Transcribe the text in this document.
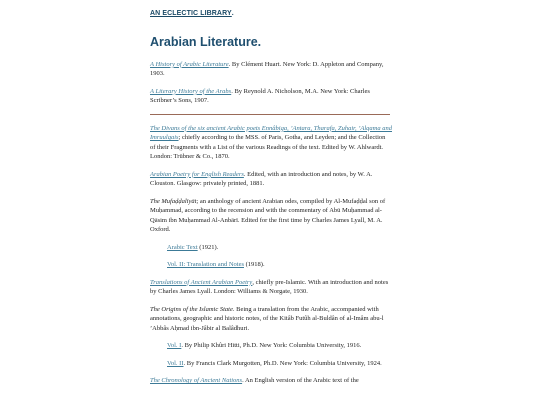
AN ECLECTIC LIBRARY.
Arabian Literature.

A History of Arabic Literature. By Clément Huart. New York: D. Appleton and Company, 1903.

A Literary History of the Arabs. By Reynold A. Nicholson, M.A. New York: Charles Scribner’s Sons, 1907.

The Divans of the six ancient Arabic poets Ennâbiga, ’Antara, Tharafa, Zuhair, ’Alqama and Imruulqais; chiefly according to the MSS. of Paris, Gotha, and Leyden; and the Collection of their Fragments with a List of the various Readings of the text. Edited by W. Ahlwardt. London: Trübner & Co., 1870.

Arabian Poetry for English Readers. Edited, with an introduction and notes, by W. A. Clouston. Glasgow: privately printed, 1881.

The Mufaḍḍalīyāt; an anthology of ancient Arabian odes, compiled by Al-Mufaḍḍal son of Muḥammad, according to the recension and with the commentary of Abū Muḥammad al-Qāsim ibn Muḥammad Al-Anbārī. Edited for the first time by Charles James Lyall, M. A. Oxford.

Arabic Text (1921).

Vol. II: Translation and Notes (1918).

Translations of Ancient Arabian Poetry, chiefly pre-Islamic. With an introduction and notes by Charles James Lyall. London: Williams & Norgate, 1930.

The Origins of the Islamic State. Being a translation from the Arabic, accompanied with annotations, geographic and historic notes, of the Kitâb Futûh al-Buldân of al-Imâm abu-l ’Abbâs Aḥmad ibn-Jâbir al Balâdhuri.

Vol. I. By Philip Khûri Hitti, Ph.D. New York: Columbia University, 1916.

Vol. II. By Francis Clark Murgotten, Ph.D. New York: Columbia University, 1924.

The Chronology of Ancient Nations. An English version of the Arabic text of the
